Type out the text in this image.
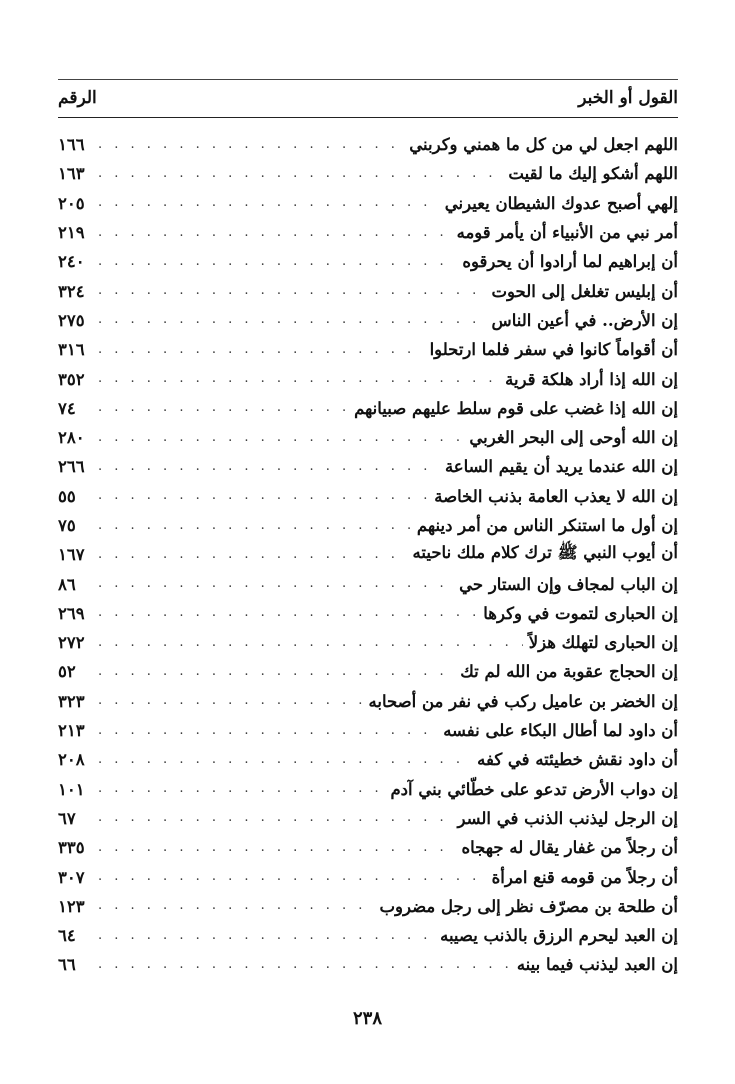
القول أو الخبر
الرقم
اللهم اجعل لي من كل ما همني وكربني
. . .
١٦٦
اللهم أشكو إليك ما لقيت
. . .
١٦٣
إلهي أصبح عدوك الشيطان يعيرني
. . .
٢٠٥
أمر نبي من الأنبياء أن يأمر قومه
. . .
٢١٩
أن إبراهيم لما أرادوا أن يحرقوه
. . .
٢٤٠
أن إبليس تغلغل إلى الحوت
. . .
٣٢٤
إن الأرض.. في أعين الناس
. . .
٢٧٥
أن أقواماً كانوا في سفر فلما ارتحلوا
. . .
٣١٦
إن الله إذا أراد هلكة قرية
. . .
٣٥٢
إن الله إذا غضب على قوم سلط عليهم صبيانهم
. . .
٧٤
إن الله أوحى إلى البحر الغربي
. . .
٢٨٠
إن الله عندما يريد أن يقيم الساعة
. . .
٢٦٦
إن الله لا يعذب العامة بذنب الخاصة
. . .
٥٥
إن أول ما استنكر الناس من أمر دينهم
. . .
٧٥
أن أيوب النبي ﷺ ترك كلام ملك ناحيته
. . .
١٦٧
إن الباب لمجاف وإن الستار حي
. . .
٨٦
إن الحبارى لتموت في وكرها
. . .
٢٦٩
إن الحبارى لتهلك هزلاً
. . .
٢٧٢
إن الحجاج عقوبة من الله لم تك
. . .
٥٢
إن الخضر بن عاميل ركب في نفر من أصحابه
. . .
٣٢٣
أن داود لما أطال البكاء على نفسه
. . .
٢١٣
أن داود نقش خطيئته في كفه
. . .
٢٠٨
إن دواب الأرض تدعو على خطّائي بني آدم
. . .
١٠١
إن الرجل ليذنب الذنب في السر
. . .
٦٧
أن رجلاً من غفار يقال له جهجاه
. . .
٣٣٥
أن رجلاً من قومه قنع امرأة
. . .
٣٠٧
أن طلحة بن مصرّف نظر إلى رجل مضروب
. . .
١٢٣
إن العبد ليحرم الرزق بالذنب يصيبه
. . .
٦٤
إن العبد ليذنب فيما بينه
. . .
٦٦
٢٣٨
